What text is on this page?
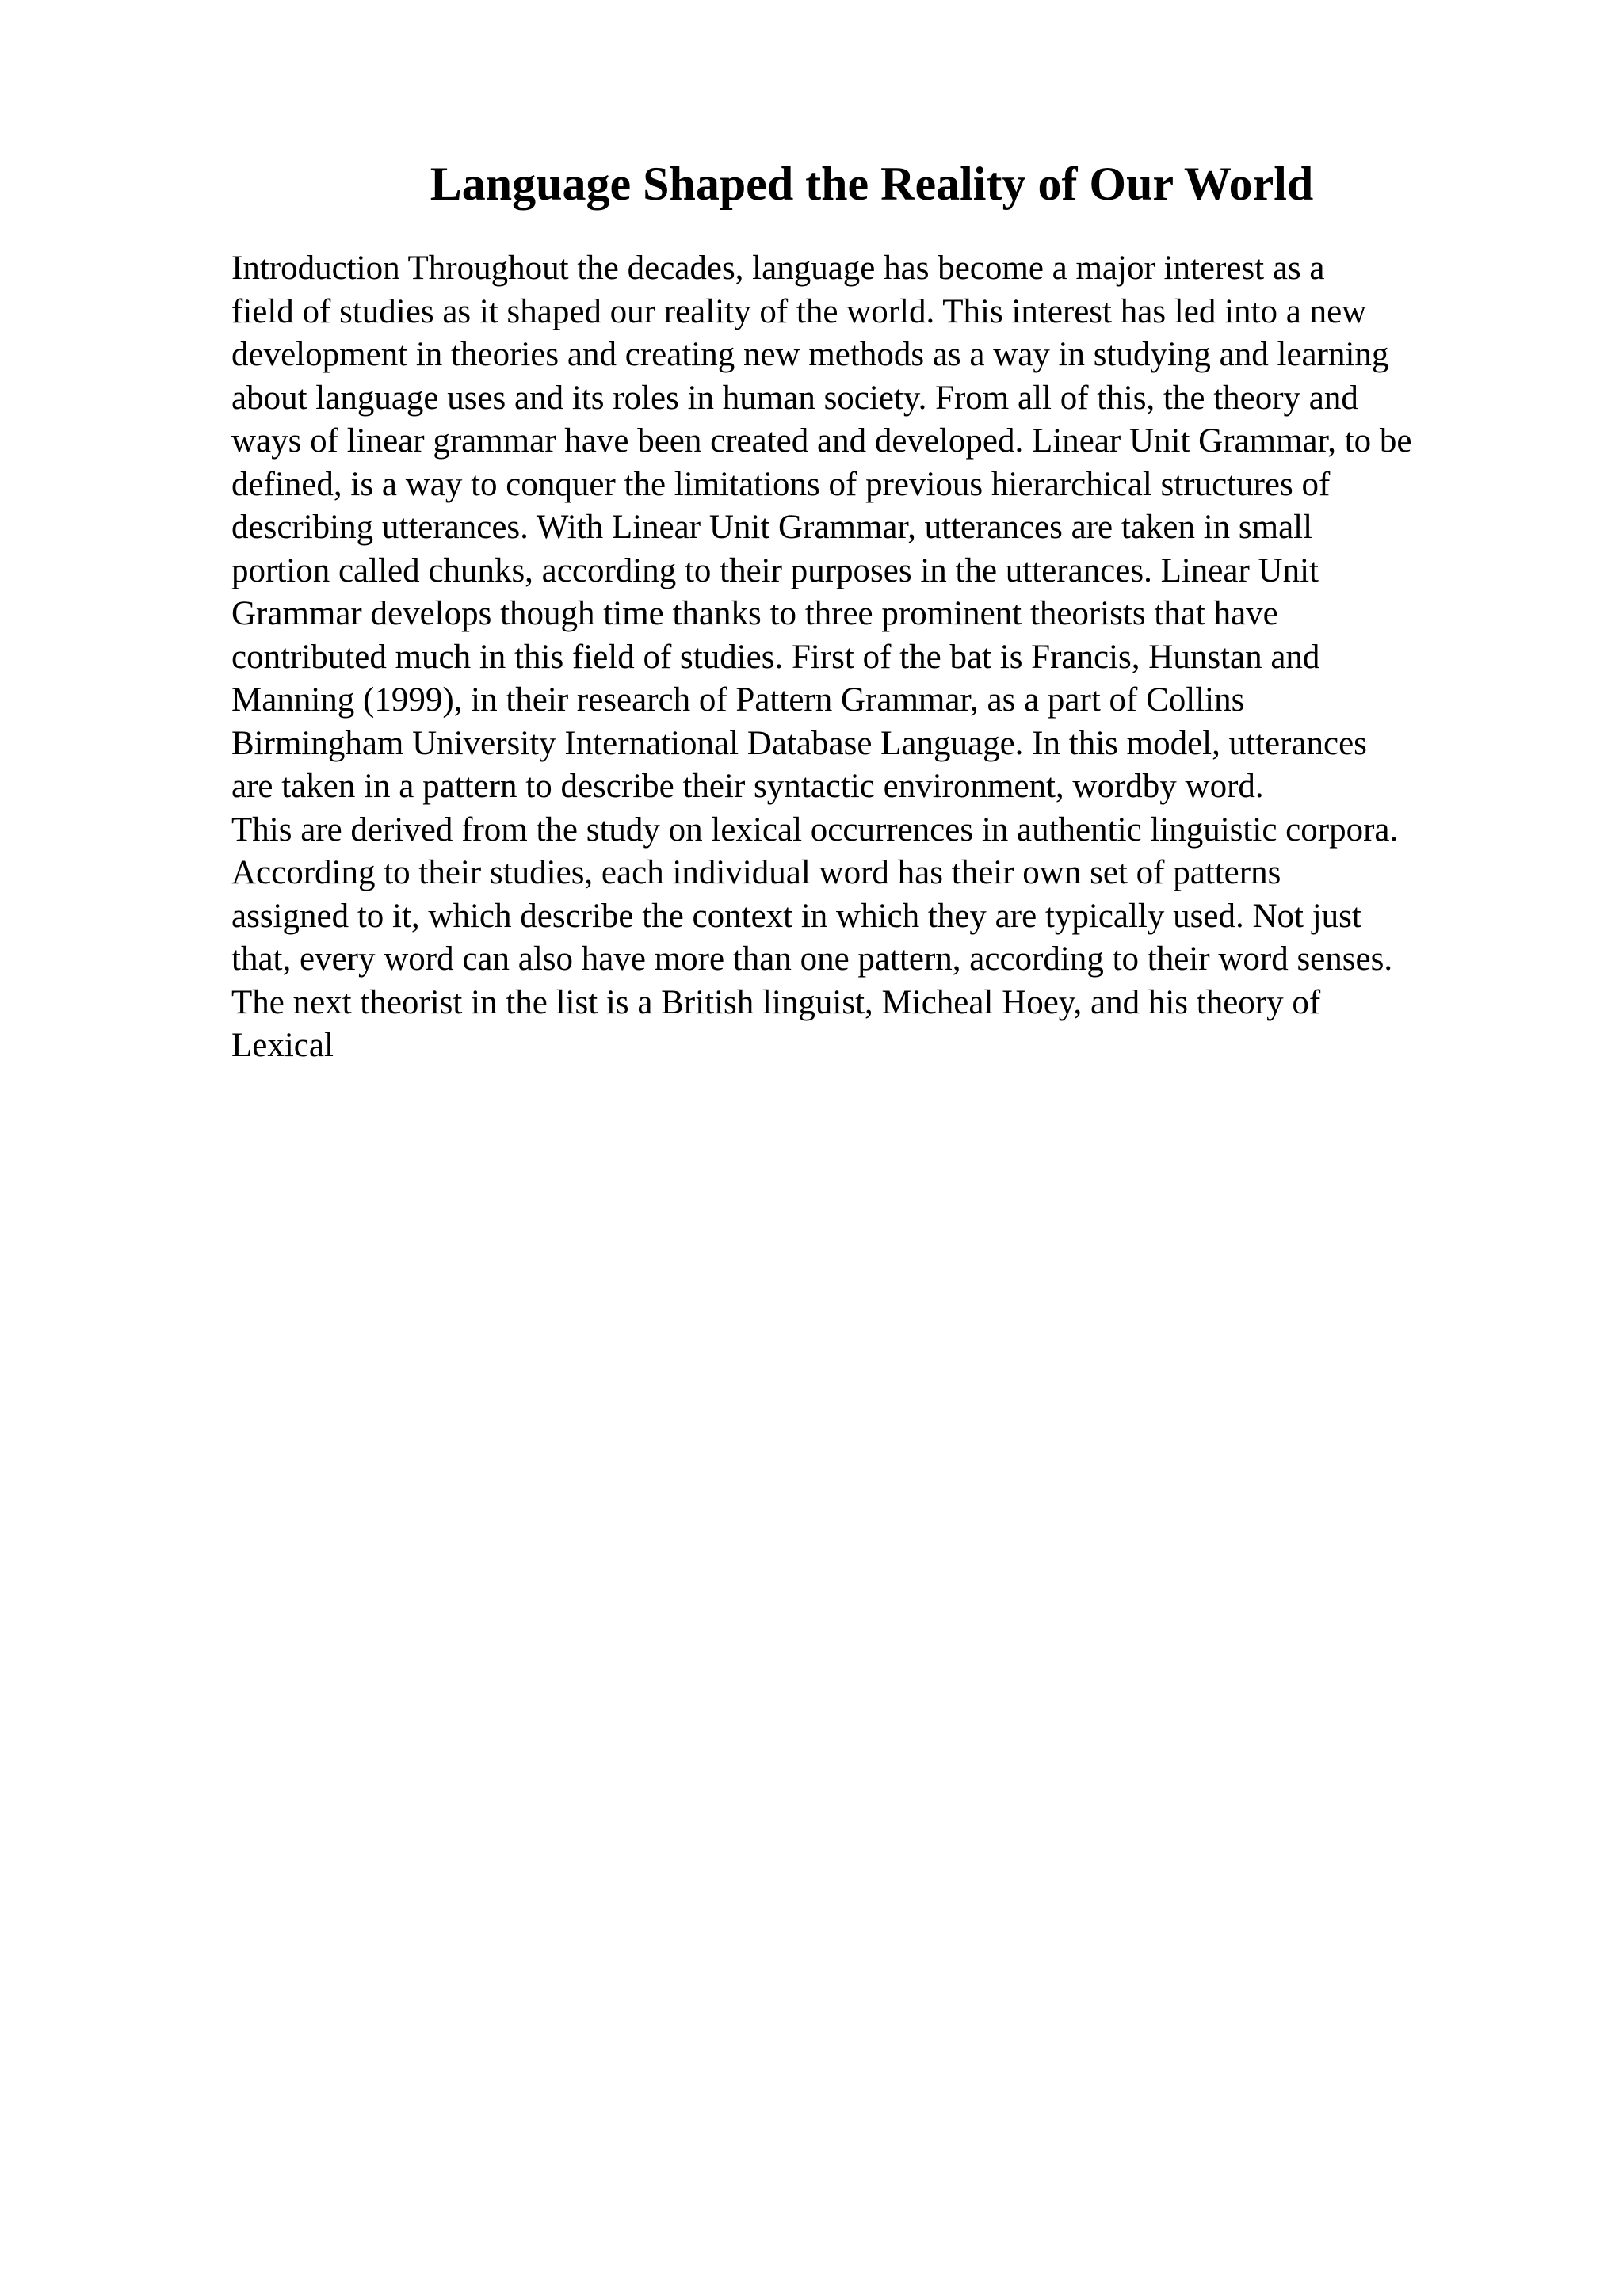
Language Shaped the Reality of Our World
Introduction Throughout the decades, language has become a major interest as a
field of studies as it shaped our reality of the world. This interest has led into a new
development in theories and creating new methods as a way in studying and learning
about language uses and its roles in human society. From all of this, the theory and
ways of linear grammar have been created and developed. Linear Unit Grammar, to be
defined, is a way to conquer the limitations of previous hierarchical structures of
describing utterances. With Linear Unit Grammar, utterances are taken in small
portion called chunks, according to their purposes in the utterances. Linear Unit
Grammar develops though time thanks to three prominent theorists that have
contributed much in this field of studies. First of the bat is Francis, Hunstan and
Manning (1999), in their research of Pattern Grammar, as a part of Collins
Birmingham University International Database Language. In this model, utterances
are taken in a pattern to describe their syntactic environment, wordby word.
This are derived from the study on lexical occurrences in authentic linguistic corpora.
According to their studies, each individual word has their own set of patterns
assigned to it, which describe the context in which they are typically used. Not just
that, every word can also have more than one pattern, according to their word senses.
The next theorist in the list is a British linguist, Micheal Hoey, and his theory of
Lexical
